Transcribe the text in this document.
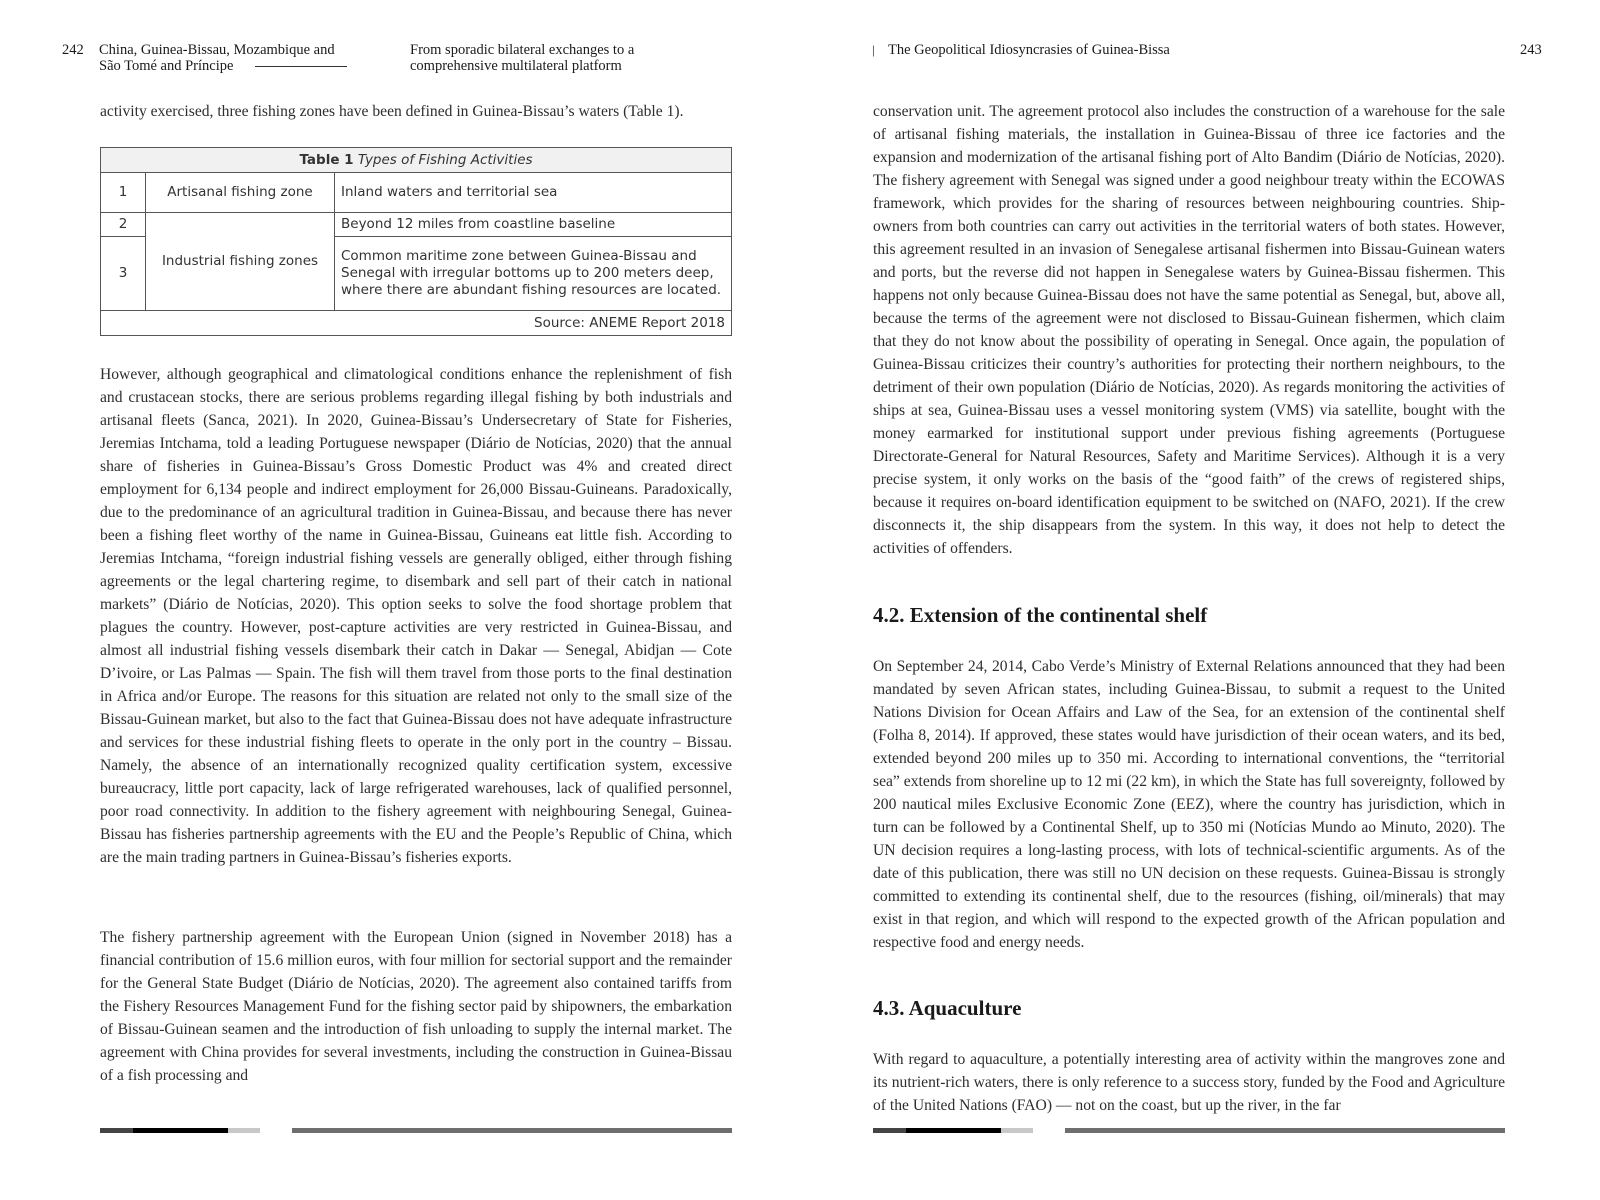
242 China, Guinea-Bissau, Mozambique and
São Tomé and Príncipe
From sporadic bilateral exchanges to a
comprehensive multilateral platform

activity exercised, three fishing zones have been defined in Guinea-Bissau’s waters (Table 1).

Table 1 Types of Fishing Activities		
1	Artisanal fishing zone	Inland waters and territorial sea
2	Industrial fishing zones	Beyond 12 miles from coastline baseline
3		Common maritime zone between Guinea-Bissau and Senegal with irregular bottoms up to 200 meters deep, where there are abundant fishing resources are located.
Source: ANEME Report 2018		

However, although geographical and climatological conditions enhance the replenishment of fish and crustacean stocks, there are serious problems regarding illegal fishing by both industrials and artisanal fleets (Sanca, 2021). In 2020, Guinea-Bissau’s Undersecretary of State for Fisheries, Jeremias Intchama, told a leading Portuguese newspaper (Diário de Notícias, 2020) that the annual share of fisheries in Guinea-Bissau’s Gross Domestic Product was 4% and created direct employment for 6,134 people and indirect employment for 26,000 Bissau-Guineans. Paradoxically, due to the predominance of an agricultural tradition in Guinea-Bissau, and because there has never been a fishing fleet worthy of the name in Guinea-Bissau, Guineans eat little fish. According to Jeremias Intchama, “foreign industrial fishing vessels are generally obliged, either through fishing agreements or the legal chartering regime, to disembark and sell part of their catch in national markets” (Diário de Notícias, 2020). This option seeks to solve the food shortage problem that plagues the country. However, post-capture activities are very restricted in Guinea-Bissau, and almost all industrial fishing vessels disembark their catch in Dakar –– Senegal, Abidjan –– Cote D’ivoire, or Las Palmas –– Spain. The fish will them travel from those ports to the final destination in Africa and/or Europe. The reasons for this situation are related not only to the small size of the Bissau-Guinean market, but also to the fact that Guinea-Bissau does not have adequate infrastructure and services for these industrial fishing fleets to operate in the only port in the country – Bissau. Namely, the absence of an internationally recognized quality certification system, excessive bureaucracy, little port capacity, lack of large refrigerated warehouses, lack of qualified personnel, poor road connectivity. In addition to the fishery agreement with neighbouring Senegal, Guinea-Bissau has fisheries partnership agreements with the EU and the People’s Republic of China, which are the main trading partners in Guinea-Bissau’s fisheries exports.

The fishery partnership agreement with the European Union (signed in November 2018) has a financial contribution of 15.6 million euros, with four million for sectorial support and the remainder for the General State Budget (Diário de Notícias, 2020). The agreement also contained tariffs from the Fishery Resources Management Fund for the fishing sector paid by shipowners, the embarkation of Bissau-Guinean seamen and the introduction of fish unloading to supply the internal market. The agreement with China provides for several investments, including the construction in Guinea-Bissau of a fish processing and

| The Geopolitical Idiosyncrasies of Guinea-Bissa	243

conservation unit. The agreement protocol also includes the construction of a warehouse for the sale of artisanal fishing materials, the installation in Guinea-Bissau of three ice factories and the expansion and modernization of the artisanal fishing port of Alto Bandim (Diário de Notícias, 2020). The fishery agreement with Senegal was signed under a good neighbour treaty within the ECOWAS framework, which provides for the sharing of resources between neighbouring countries. Ship-owners from both countries can carry out activities in the territorial waters of both states. However, this agreement resulted in an invasion of Senegalese artisanal fishermen into Bissau-Guinean waters and ports, but the reverse did not happen in Senegalese waters by Guinea-Bissau fishermen. This happens not only because Guinea-Bissau does not have the same potential as Senegal, but, above all, because the terms of the agreement were not disclosed to Bissau-Guinean fishermen, which claim that they do not know about the possibility of operating in Senegal. Once again, the population of Guinea-Bissau criticizes their country’s authorities for protecting their northern neighbours, to the detriment of their own population (Diário de Notícias, 2020). As regards monitoring the activities of ships at sea, Guinea-Bissau uses a vessel monitoring system (VMS) via satellite, bought with the money earmarked for institutional support under previous fishing agreements (Portuguese Directorate-General for Natural Resources, Safety and Maritime Services). Although it is a very precise system, it only works on the basis of the “good faith” of the crews of registered ships, because it requires on-board identification equipment to be switched on (NAFO, 2021). If the crew disconnects it, the ship disappears from the system. In this way, it does not help to detect the activities of offenders.

4.2. Extension of the continental shelf

On September 24, 2014, Cabo Verde’s Ministry of External Relations announced that they had been mandated by seven African states, including Guinea-Bissau, to submit a request to the United Nations Division for Ocean Affairs and Law of the Sea, for an extension of the continental shelf (Folha 8, 2014). If approved, these states would have jurisdiction of their ocean waters, and its bed, extended beyond 200 miles up to 350 mi. According to international conventions, the “territorial sea” extends from shoreline up to 12 mi (22 km), in which the State has full sovereignty, followed by 200 nautical miles Exclusive Economic Zone (EEZ), where the country has jurisdiction, which in turn can be followed by a Continental Shelf, up to 350 mi (Notícias Mundo ao Minuto, 2020). The UN decision requires a long-lasting process, with lots of technical-scientific arguments. As of the date of this publication, there was still no UN decision on these requests. Guinea-Bissau is strongly committed to extending its continental shelf, due to the resources (fishing, oil/minerals) that may exist in that region, and which will respond to the expected growth of the African population and respective food and energy needs.

4.3. Aquaculture

With regard to aquaculture, a potentially interesting area of activity within the mangroves zone and its nutrient-rich waters, there is only reference to a success story, funded by the Food and Agriculture of the United Nations (FAO) — not on the coast, but up the river, in the far
